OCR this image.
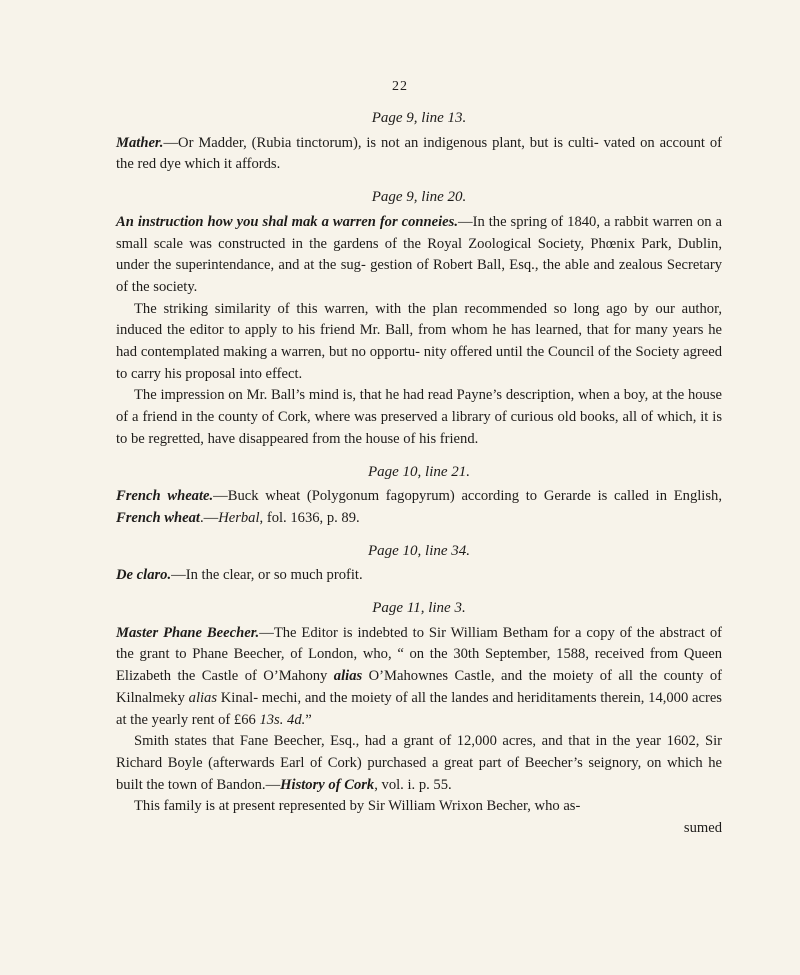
22
Page 9, line 13.

Mather.—Or Madder, (Rubia tinctorum), is not an indigenous plant, but is culti- vated on account of the red dye which it affords.

Page 9, line 20.

An instruction how you shal mak a warren for conneies.—In the spring of 1840, a rabbit warren on a small scale was constructed in the gardens of the Royal Zoological Society, Phœnix Park, Dublin, under the superintendance, and at the sug- gestion of Robert Ball, Esq., the able and zealous Secretary of the society.

The striking similarity of this warren, with the plan recommended so long ago by our author, induced the editor to apply to his friend Mr. Ball, from whom he has learned, that for many years he had contemplated making a warren, but no opportu- nity offered until the Council of the Society agreed to carry his proposal into effect.

The impression on Mr. Ball’s mind is, that he had read Payne’s description, when a boy, at the house of a friend in the county of Cork, where was preserved a library of curious old books, all of which, it is to be regretted, have disappeared from the house of his friend.

Page 10, line 21.

French wheate.—Buck wheat (Polygonum fagopyrum) according to Gerarde is called in English, French wheat.—Herbal, fol. 1636, p. 89.

Page 10, line 34.

De claro.—In the clear, or so much profit.

Page 11, line 3.

Master Phane Beecher.—The Editor is indebted to Sir William Betham for a copy of the abstract of the grant to Phane Beecher, of London, who, “ on the 30th September, 1588, received from Queen Elizabeth the Castle of O’Mahony alias O’Mahownes Castle, and the moiety of all the county of Kilnalmeky alias Kinal- mechi, and the moiety of all the landes and heriditaments therein, 14,000 acres at the yearly rent of £66 13s. 4d.”

Smith states that Fane Beecher, Esq., had a grant of 12,000 acres, and that in the year 1602, Sir Richard Boyle (afterwards Earl of Cork) purchased a great part of Beecher’s seignory, on which he built the town of Bandon.—History of Cork, vol. i. p. 55.

This family is at present represented by Sir William Wrixon Becher, who as-

sumed
